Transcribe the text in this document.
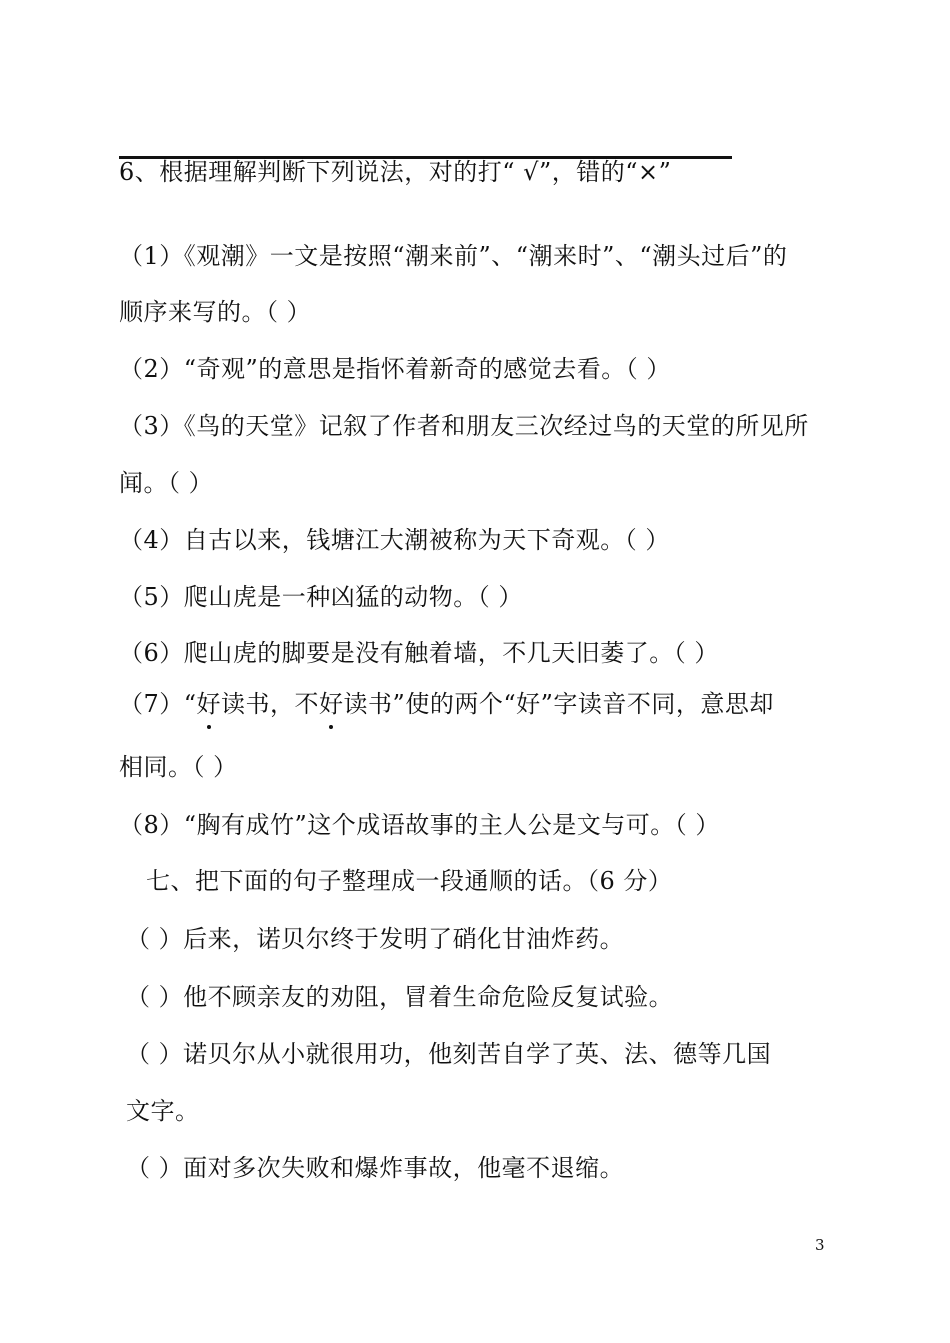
6、根据理解判断下列说法，对的打“ √”，错的“×”
（1）《观潮》一文是按照“潮来前”、“潮来时”、“潮头过后”的
顺序来写的。（ ）
（2）“奇观”的意思是指怀着新奇的感觉去看。（ ）
（3）《鸟的天堂》记叙了作者和朋友三次经过鸟的天堂的所见所
闻。（ ）
（4）自古以来，钱塘江大潮被称为天下奇观。（ ）
（5）爬山虎是一种凶猛的动物。（ ）
（6）爬山虎的脚要是没有触着墙，不几天旧萎了。（ ）
（7）“好读书，不好读书”使的两个“好”字读音不同，意思却
相同。（ ）
（8）“胸有成竹”这个成语故事的主人公是文与可。（ ）
七、把下面的句子整理成一段通顺的话。（6 分）
（ ）后来，诺贝尔终于发明了硝化甘油炸药。
（ ）他不顾亲友的劝阻，冒着生命危险反复试验。
（ ）诺贝尔从小就很用功，他刻苦自学了英、法、德等几国
文字。
（ ）面对多次失败和爆炸事故，他毫不退缩。
3
